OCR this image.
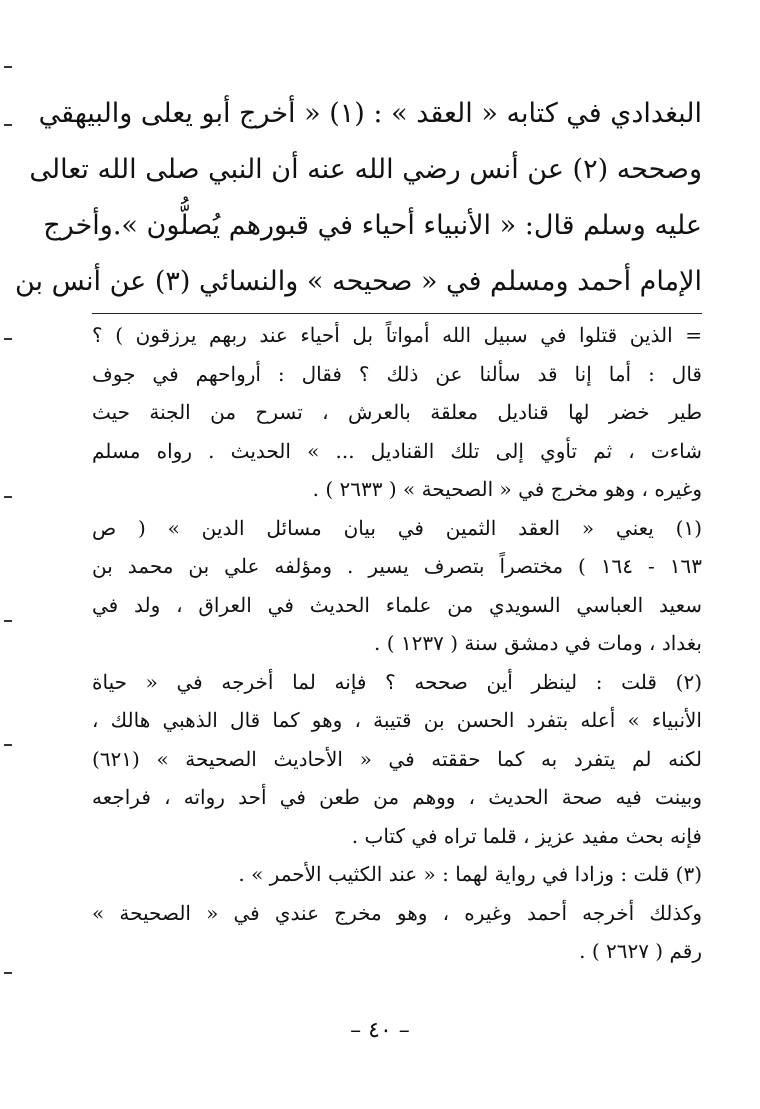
البغدادي في كتابه « العقد » : (١) « أخرج أبو يعلى والبيهقي
وصححه (٢) عن أنس رضي الله عنه أن النبي صلى الله تعالى
عليه وسلم قال: « الأنبياء أحياء في قبورهم يُصلُّون ».وأخرج
الإمام أحمد ومسلم في « صحيحه » والنسائي (٣) عن أنس بن
= الذين قتلوا في سبيل الله أمواتاً بل أحياء عند ربهم يرزقون ) ؟
قال : أما إنا قد سألنا عن ذلك ؟ فقال : أرواحهم في جوف
طير خضر لها قناديل معلقة بالعرش ، تسرح من الجنة حيث
شاءت ، ثم تأوي إلى تلك القناديل ... » الحديث . رواه مسلم
وغيره ، وهو مخرج في « الصحيحة » ( ٢٦٣٣ ) .
(١) يعني « العقد الثمين في بيان مسائل الدين » ( ص
١٦٣ - ١٦٤ ) مختصراً بتصرف يسير . ومؤلفه علي بن محمد بن
سعيد العباسي السويدي من علماء الحديث في العراق ، ولد في
بغداد ، ومات في دمشق سنة ( ١٢٣٧ ) .
(٢) قلت : لينظر أين صححه ؟ فإنه لما أخرجه في « حياة
الأنبياء » أعله بتفرد الحسن بن قتيبة ، وهو كما قال الذهبي هالك ،
لكنه لم يتفرد به كما حققته في « الأحاديث الصحيحة » (٦٢١)
وبينت فيه صحة الحديث ، ووهم من طعن في أحد رواته ، فراجعه
فإنه بحث مفيد عزيز ، قلما تراه في كتاب .
(٣) قلت : وزادا في رواية لهما : « عند الكثيب الأحمر » .
وكذلك أخرجه أحمد وغيره ، وهو مخرج عندي في « الصحيحة »
رقم ( ٢٦٢٧ ) .
– ٤٠ –
